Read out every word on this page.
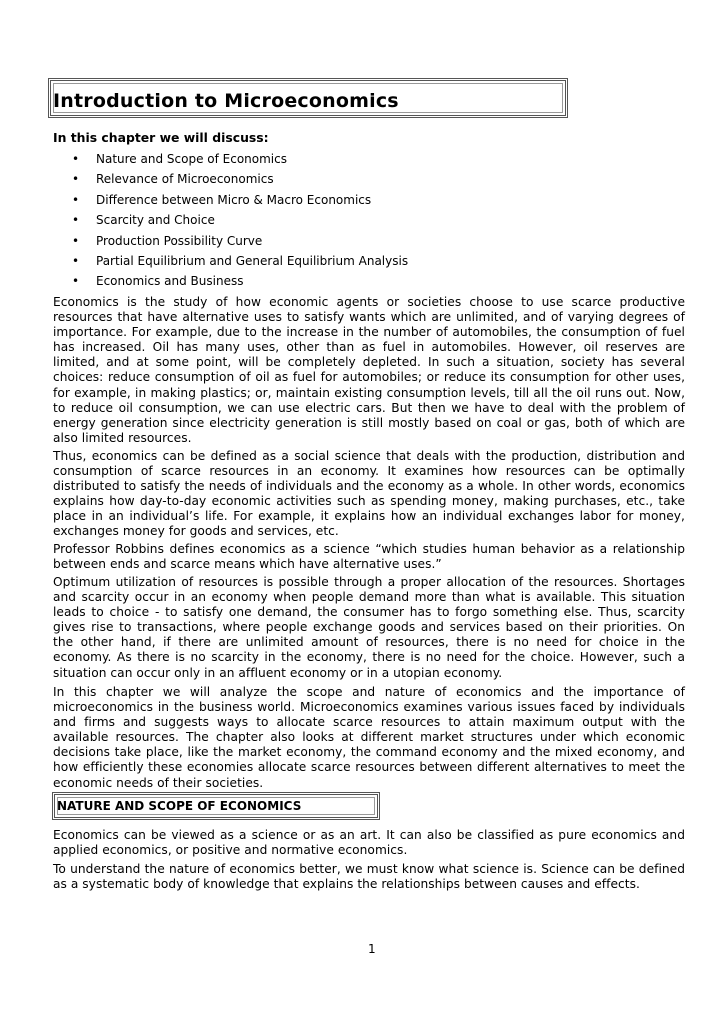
Introduction to Microeconomics
In this chapter we will discuss:
• Nature and Scope of Economics
• Relevance of Microeconomics
• Difference between Micro & Macro Economics
• Scarcity and Choice
• Production Possibility Curve
• Partial Equilibrium and General Equilibrium Analysis
• Economics and Business

Economics is the study of how economic agents or societies choose to use scarce productive resources that have alternative uses to satisfy wants which are unlimited, and of varying degrees of importance. For example, due to the increase in the number of automobiles, the consumption of fuel has increased. Oil has many uses, other than as fuel in automobiles. However, oil reserves are limited, and at some point, will be completely depleted. In such a situation, society has several choices: reduce consumption of oil as fuel for automobiles; or reduce its consumption for other uses, for example, in making plastics; or, maintain existing consumption levels, till all the oil runs out. Now, to reduce oil consumption, we can use electric cars. But then we have to deal with the problem of energy generation since electricity generation is still mostly based on coal or gas, both of which are also limited resources.

Thus, economics can be defined as a social science that deals with the production, distribution and consumption of scarce resources in an economy. It examines how resources can be optimally distributed to satisfy the needs of individuals and the economy as a whole. In other words, economics explains how day-to-day economic activities such as spending money, making purchases, etc., take place in an individual’s life. For example, it explains how an individual exchanges labor for money, exchanges money for goods and services, etc.

Professor Robbins defines economics as a science “which studies human behavior as a relationship between ends and scarce means which have alternative uses.”

Optimum utilization of resources is possible through a proper allocation of the resources. Shortages and scarcity occur in an economy when people demand more than what is available. This situation leads to choice - to satisfy one demand, the consumer has to forgo something else. Thus, scarcity gives rise to transactions, where people exchange goods and services based on their priorities. On the other hand, if there are unlimited amount of resources, there is no need for choice in the economy. As there is no scarcity in the economy, there is no need for the choice. However, such a situation can occur only in an affluent economy or in a utopian economy.

In this chapter we will analyze the scope and nature of economics and the importance of microeconomics in the business world. Microeconomics examines various issues faced by individuals and firms and suggests ways to allocate scarce resources to attain maximum output with the available resources. The chapter also looks at different market structures under which economic decisions take place, like the market economy, the command economy and the mixed economy, and how efficiently these economies allocate scarce resources between different alternatives to meet the economic needs of their societies.

NATURE AND SCOPE OF ECONOMICS

Economics can be viewed as a science or as an art. It can also be classified as pure economics and applied economics, or positive and normative economics.

To understand the nature of economics better, we must know what science is. Science can be defined as a systematic body of knowledge that explains the relationships between causes and effects.

1
